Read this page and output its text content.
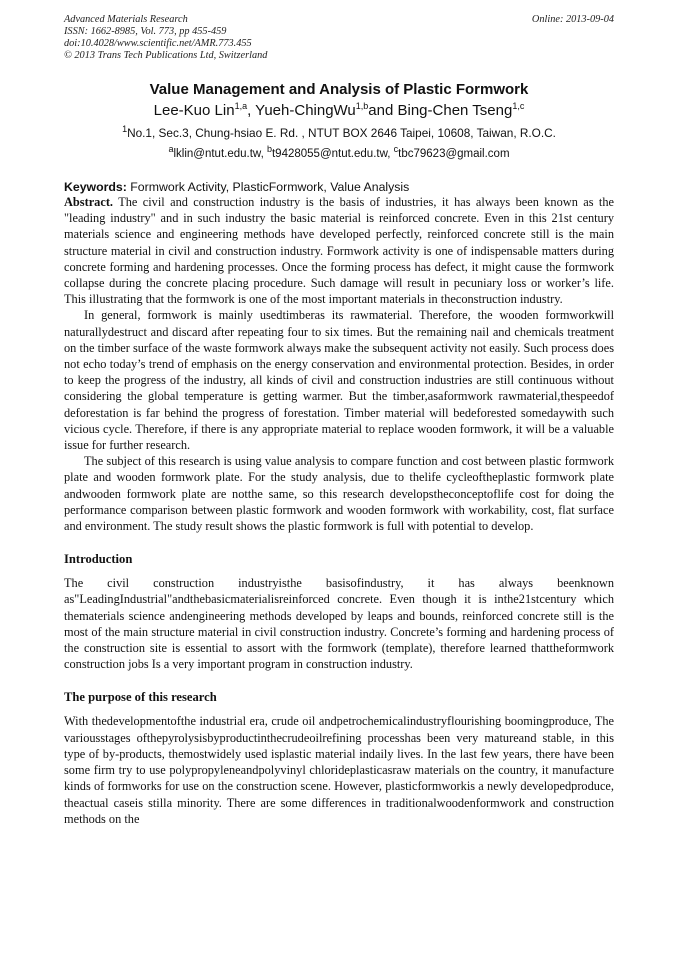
Advanced Materials Research
ISSN: 1662-8985, Vol. 773, pp 455-459
doi:10.4028/www.scientific.net/AMR.773.455
© 2013 Trans Tech Publications Ltd, Switzerland
Online: 2013-09-04
Value Management and Analysis of Plastic Formwork
Lee-Kuo Lin$^{1,a}$, Yueh-ChingWu$^{1,b}$and Bing-Chen Tseng$^{1,c}$
$^1$No.1, Sec.3, Chung-hsiao E. Rd. , NTUT BOX 2646 Taipei, 10608, Taiwan, R.O.C.
$^a$lklin@ntut.edu.tw, $^b$t9428055@ntut.edu.tw, $^c$tbc79623@gmail.com
Keywords: Formwork Activity, PlasticFormwork, Value Analysis

Abstract. The civil and construction industry is the basis of industries, it has always been known as the "leading industry" and in such industry the basic material is reinforced concrete. Even in this 21st century materials science and engineering methods have developed perfectly, reinforced concrete still is the main structure material in civil and construction industry. Formwork activity is one of indispensable matters during concrete forming and hardening processes. Once the forming process has defect, it might cause the formwork collapse during the concrete placing procedure. Such damage will result in pecuniary loss or worker’s life. This illustrating that the formwork is one of the most important materials in theconstruction industry.

In general, formwork is mainly usedtimberas its rawmaterial. Therefore, the wooden formworkwill naturallydestruct and discard after repeating four to six times. But the remaining nail and chemicals treatment on the timber surface of the waste formwork always make the subsequent activity not easily. Such process does not echo today’s trend of emphasis on the energy conservation and environmental protection. Besides, in order to keep the progress of the industry, all kinds of civil and construction industries are still continuous without considering the global temperature is getting warmer. But the timber,asaformwork rawmaterial,thespeedof deforestation is far behind the progress of forestation. Timber material will bedeforested somedaywith such vicious cycle. Therefore, if there is any appropriate material to replace wooden formwork, it will be a valuable issue for further research.

The subject of this research is using value analysis to compare function and cost between plastic formwork plate and wooden formwork plate. For the study analysis, due to thelife cycleoftheplastic formwork plate andwooden formwork plate are notthe same, so this research developstheconceptoflife cost for doing the performance comparison between plastic formwork and wooden formwork with workability, cost, flat surface and environment. The study result shows the plastic formwork is full with potential to develop.

Introduction

The civil construction industryisthe basisofindustry, it has always beenknown as"LeadingIndustrial"andthebasicmaterialisreinforced concrete. Even though it is inthe21stcentury which thematerials science andengineering methods developed by leaps and bounds, reinforced concrete still is the most of the main structure material in civil construction industry. Concrete’s forming and hardening process of the construction site is essential to assort with the formwork (template), therefore learned thattheformwork construction jobs Is a very important program in construction industry.

The purpose of this research

With thedevelopmentofthe industrial era, crude oil andpetrochemicalindustryflourishing boomingproduce, The variousstages ofthepyrolysisbyproductinthecrudeoilrefining processhas been very matureand stable, in this type of by-products, themostwidely used isplastic material indaily lives. In the last few years, there have been some firm try to use polypropyleneandpolyvinyl chlorideplasticasraw materials on the country, it manufacture kinds of formworks for use on the construction scene. However, plasticformworkis a newly developedproduce, theactual caseis stilla minority. There are some differences in traditionalwoodenformwork and construction methods on the
